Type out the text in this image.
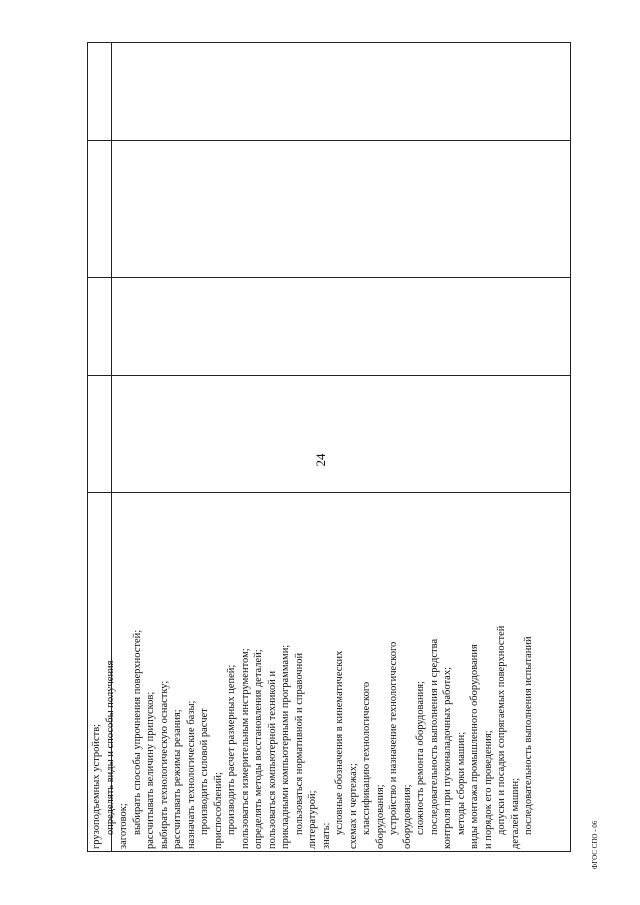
24
грузоподъемных устройств; определять виды и способы получения заготовок; выбирать способы упрочнения поверхностей; рассчитывать величину припусков; выбирать технологическую оснастку; рассчитывать режимы резания; назначать технологические базы; производить силовой расчет приспособлений; производить расчет размерных цепей; пользоваться измерительным инструментом; определять методы восстановления деталей; пользоваться компьютерной техникой и прикладными компьютерными программами; пользоваться нормативной и справочной литературой; знать:
условные обозначения в кинематических схемах и чертежах; классификацию технологического оборудования; устройство и назначение технологического оборудования; сложность ремонта оборудования; последовательность выполнения и средства контроля при пусконаладочных работах; методы сборки машин; виды монтажа промышленного оборудования и порядок его проведения; допуски и посадки сопрягаемых поверхностей деталей машин; последовательность выполнения испытаний
ФГОС СПО - 06
